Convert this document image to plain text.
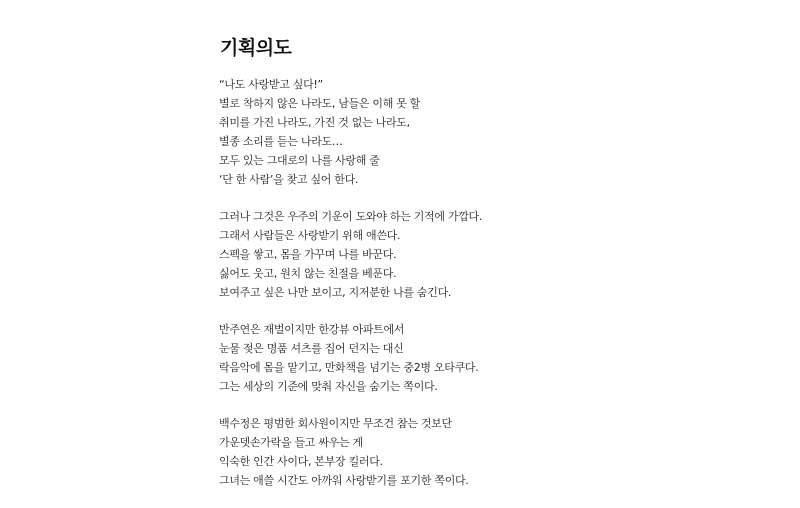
기획의도

“나도 사랑받고 싶다!”
별로 착하지 않은 나라도, 남들은 이해 못 할
취미를 가진 나라도, 가진 것 없는 나라도,
별종 소리를 듣는 나라도…
모두 있는 그대로의 나를 사랑해 줄
‘단 한 사람’을 찾고 싶어 한다.

그러나 그것은 우주의 기운이 도와야 하는 기적에 가깝다.
그래서 사람들은 사랑받기 위해 애쓴다.
스펙을 쌓고, 몸을 가꾸며 나를 바꾼다.
싫어도 웃고, 원치 않는 친절을 베푼다.
보여주고 싶은 나만 보이고, 지저분한 나를 숨긴다.

반주연은 재벌이지만 한강뷰 아파트에서
눈물 젖은 명품 셔츠를 집어 던지는 대신
락음악에 몸을 맡기고, 만화책을 넘기는 중2병 오타쿠다.
그는 세상의 기준에 맞춰 자신을 숨기는 쪽이다.

백수정은 평범한 회사원이지만 무조건 참는 것보단
가운뎃손가락을 들고 싸우는 게
익숙한 인간 사이다, 본부장 킬러다.
그녀는 애쓸 시간도 아까워 사랑받기를 포기한 쪽이다.
